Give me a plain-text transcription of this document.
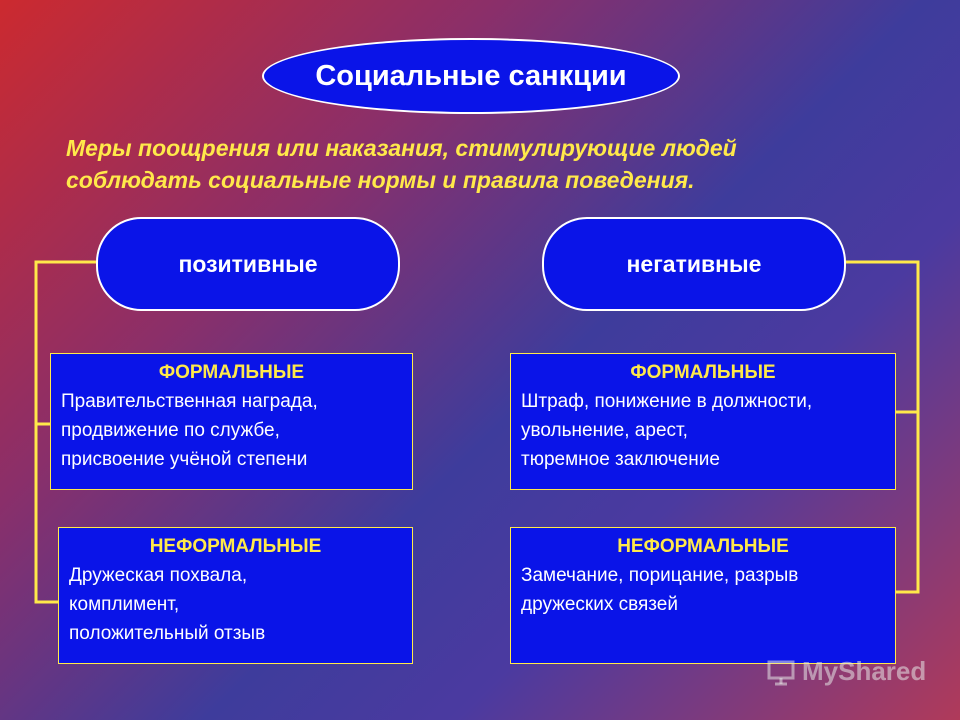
Социальные санкции
Меры поощрения или наказания, стимулирующие людей
соблюдать социальные нормы и правила поведения.
позитивные	негативные
ФОРМАЛЬНЫЕ
Правительственная награда,
продвижение по службе,
присвоение учёной степени
НЕФОРМАЛЬНЫЕ
Дружеская похвала,
комплимент,
положительный отзыв
ФОРМАЛЬНЫЕ
Штраф, понижение в должности,
увольнение, арест,
тюремное заключение
НЕФОРМАЛЬНЫЕ
Замечание, порицание, разрыв
дружеских связей
MyShared
